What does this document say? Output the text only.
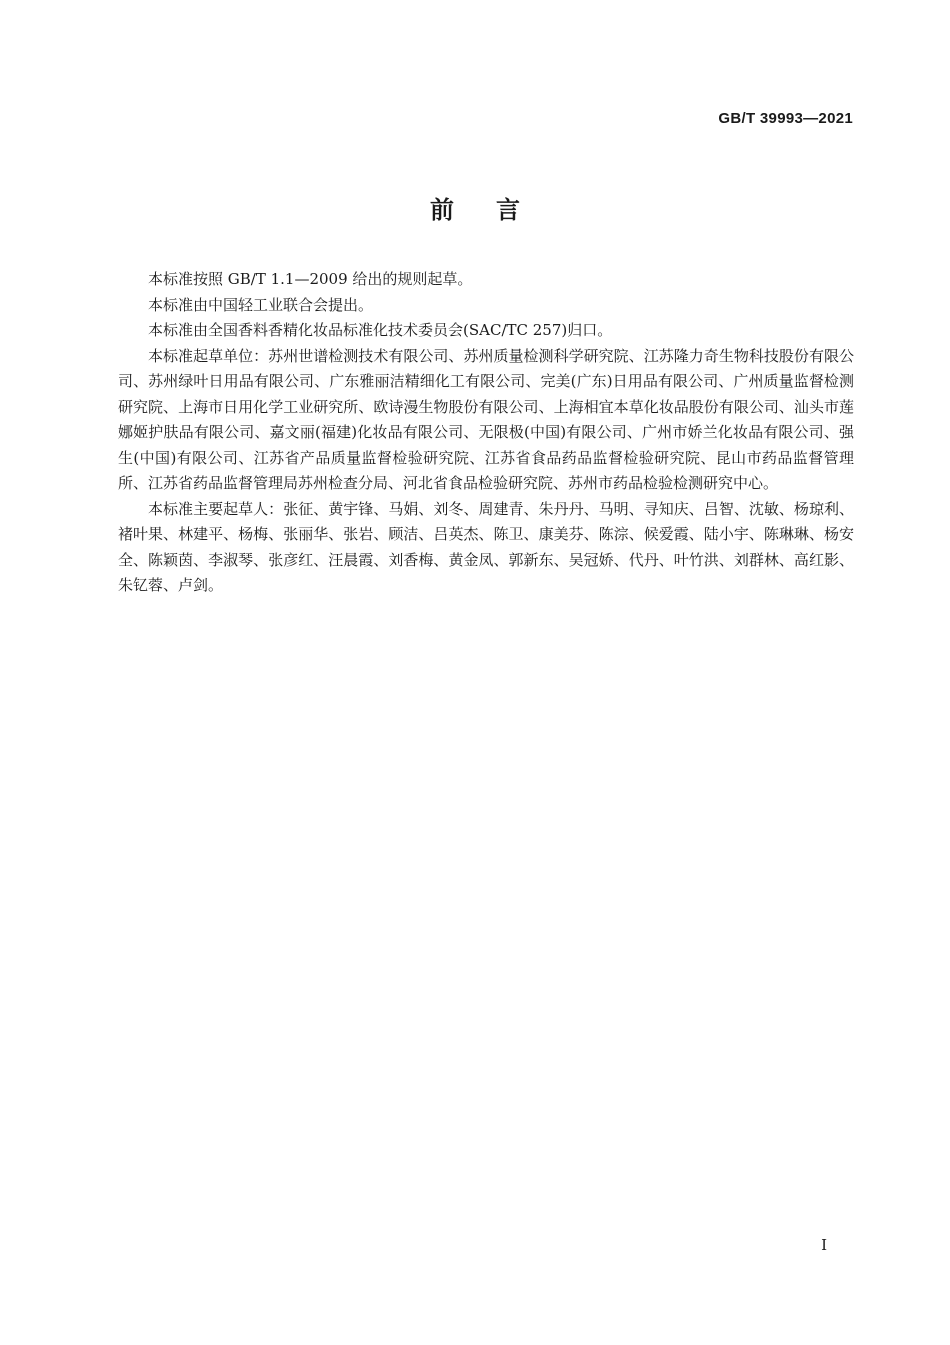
GB/T 39993—2021
前言

本标准按照 GB/T 1.1—2009 给出的规则起草。

本标准由中国轻工业联合会提出。

本标准由全国香料香精化妆品标准化技术委员会(SAC/TC 257)归口。

本标准起草单位：苏州世谱检测技术有限公司、苏州质量检测科学研究院、江苏隆力奇生物科技股份有限公司、苏州绿叶日用品有限公司、广东雅丽洁精细化工有限公司、完美(广东)日用品有限公司、广州质量监督检测研究院、上海市日用化学工业研究所、欧诗漫生物股份有限公司、上海相宜本草化妆品股份有限公司、汕头市莲娜姬护肤品有限公司、嘉文丽(福建)化妆品有限公司、无限极(中国)有限公司、广州市娇兰化妆品有限公司、强生(中国)有限公司、江苏省产品质量监督检验研究院、江苏省食品药品监督检验研究院、昆山市药品监督管理所、江苏省药品监督管理局苏州检查分局、河北省食品检验研究院、苏州市药品检验检测研究中心。

本标准主要起草人：张征、黄宇锋、马娟、刘冬、周建青、朱丹丹、马明、寻知庆、吕智、沈敏、杨琼利、褚叶果、林建平、杨梅、张丽华、张岩、顾洁、吕英杰、陈卫、康美芬、陈淙、候爱霞、陆小宇、陈琳琳、杨安全、陈颖茵、李淑琴、张彦红、汪晨霞、刘香梅、黄金凤、郭新东、吴冠娇、代丹、叶竹洪、刘群林、高红影、朱钇蓉、卢剑。

I
